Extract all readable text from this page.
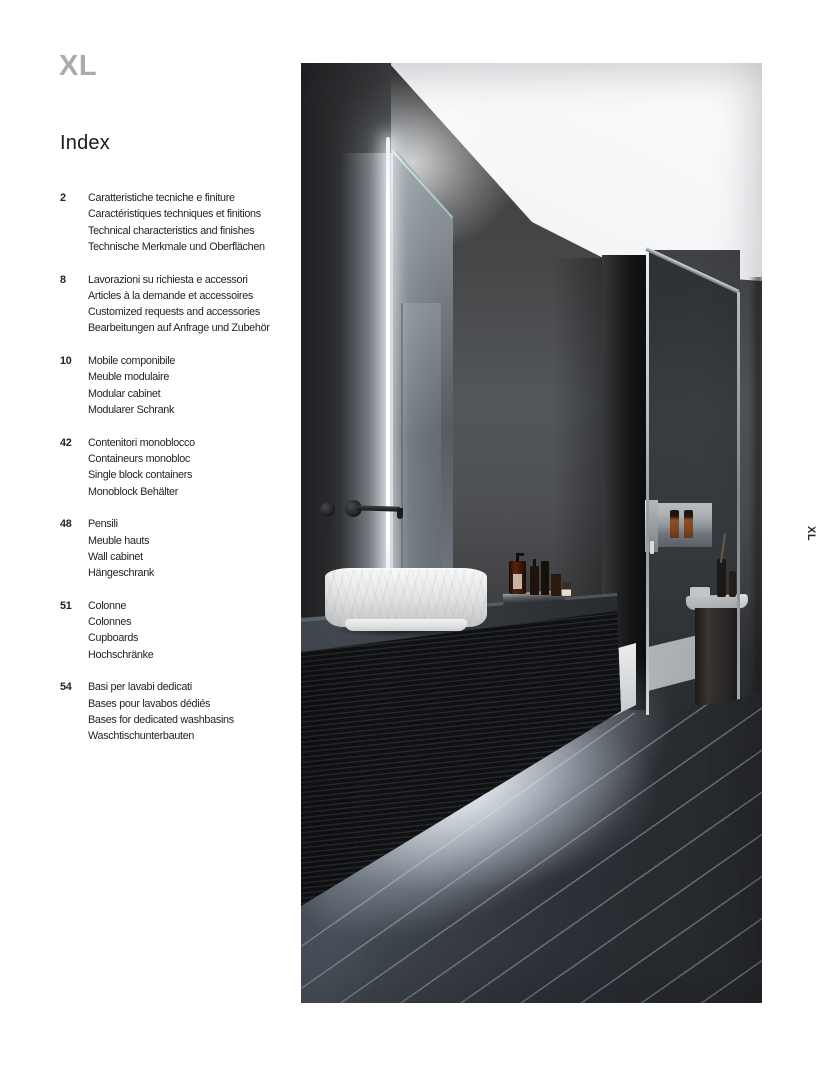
XL
Index
2	Caratteristiche tecniche e finiture
Caractéristiques techniques et finitions
Technical characteristics and finishes
Technische Merkmale und Oberflächen
8	Lavorazioni su richiesta e accessori
Articles à la demande et accessoires
Customized requests and accessories
Bearbeitungen auf Anfrage und Zubehör
10	Mobile componibile
Meuble modulaire
Modular cabinet
Modularer Schrank
42	Contenitori monoblocco
Containeurs monobloc
Single block containers
Monoblock Behälter
48	Pensili
Meuble hauts
Wall cabinet
Hängeschrank
51	Colonne
Colonnes
Cupboards
Hochschränke
54	Basi per lavabi dedicati
Bases pour lavabos dédiés
Bases for dedicated washbasins
Waschtischunterbauten
XL
